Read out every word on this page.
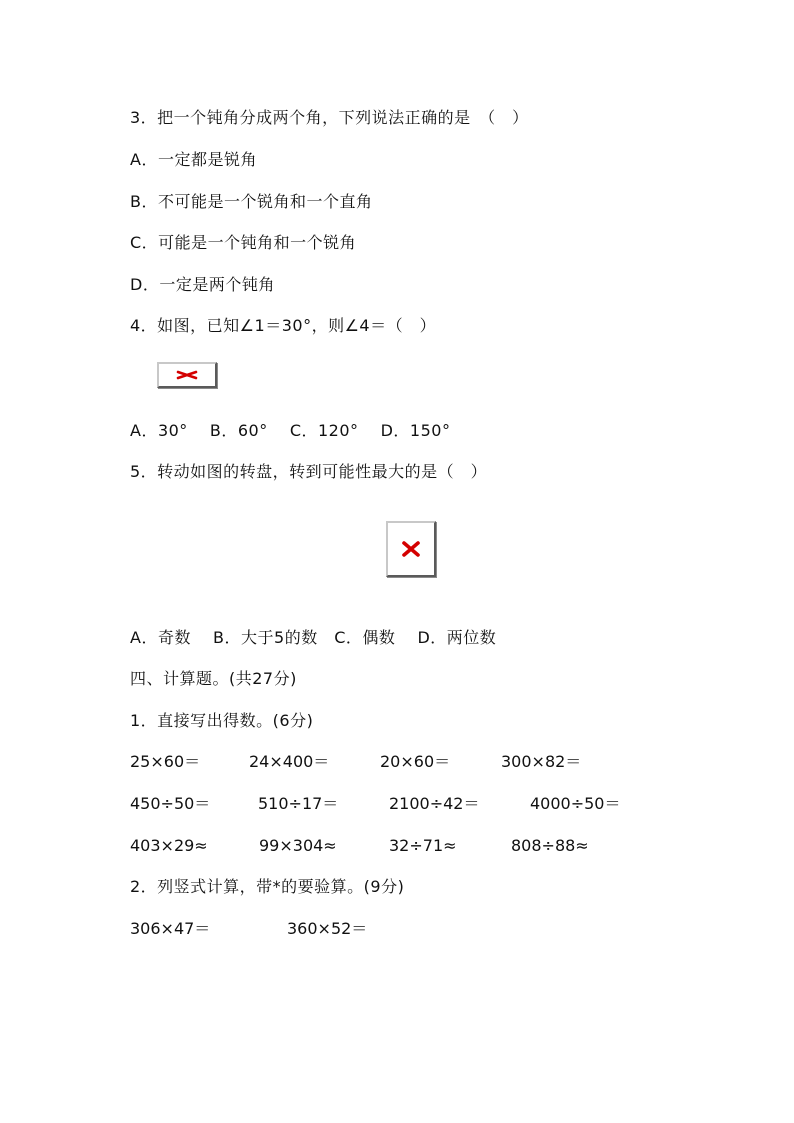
3．把一个钝角分成两个角，下列说法正确的是　（　）
A．一定都是锐角
B．不可能是一个锐角和一个直角
C．可能是一个钝角和一个锐角
D．一定是两个钝角
4．如图，已知∠1＝30°，则∠4＝（　）
A．30°　 B．60°　 C．120°　 D．150°
5．转动如图的转盘，转到可能性最大的是（　）
A．奇数　 B．大于5的数　C．偶数　 D．两位数
四、计算题。(共27分)
1．直接写出得数。(6分)
25×60＝	24×400＝	20×60＝	300×82＝
450÷50＝	510÷17＝	2100÷42＝	4000÷50＝
403×29≈	99×304≈	32÷71≈	808÷88≈
2．列竖式计算，带*的要验算。(9分)
306×47＝	360×52＝
